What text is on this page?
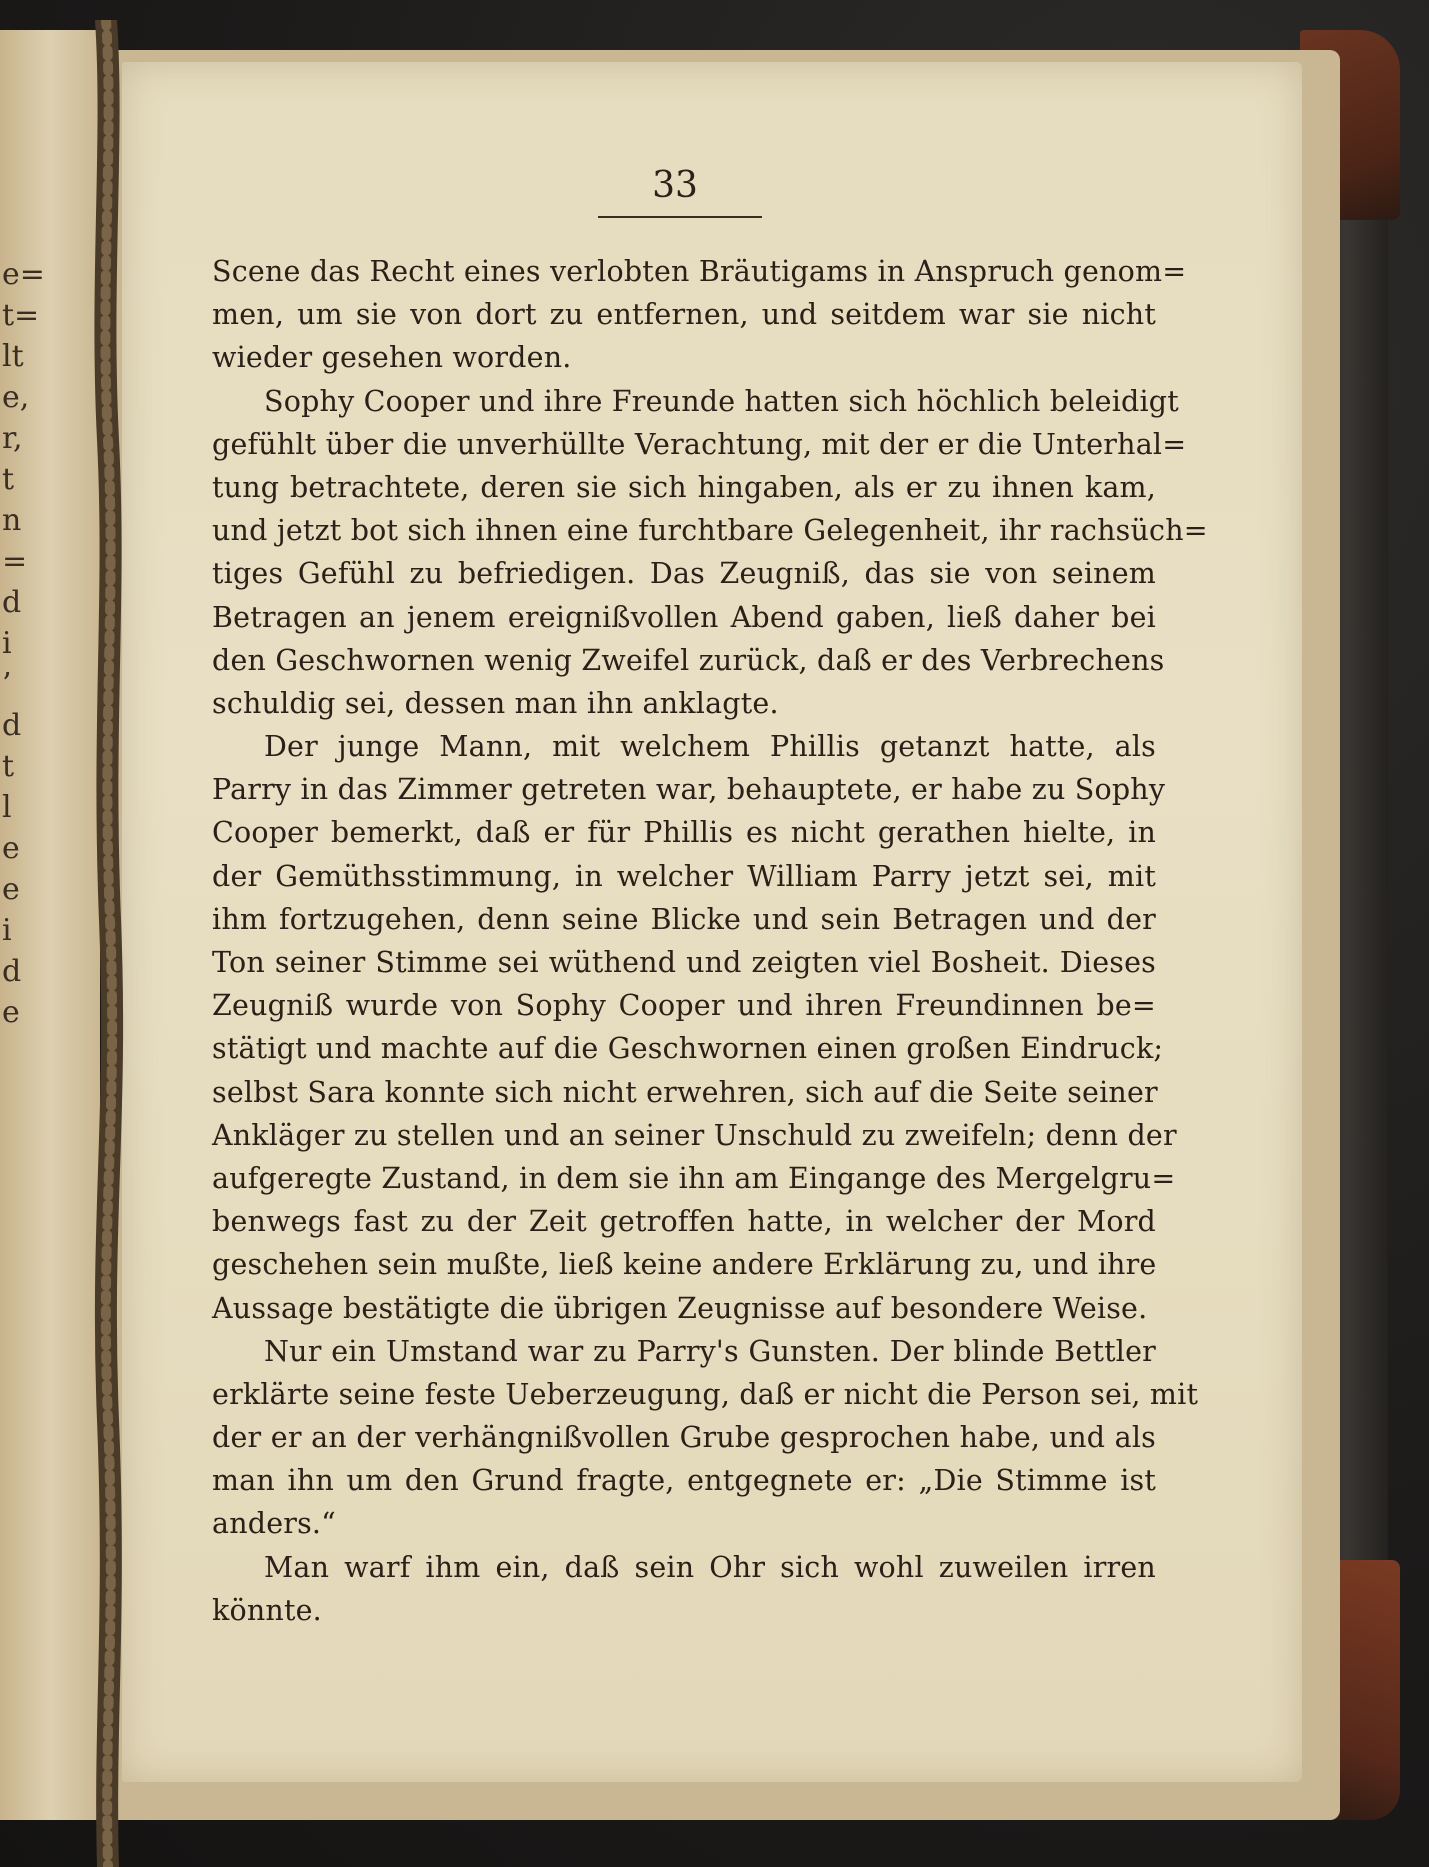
e=
t=
lt
e,
r,
t
n
=
d
i
’
d
t
l
e
e
i
d
e
33
Scene das Recht eines verlobten Bräutigams in Anspruch genom=
men, um sie von dort zu entfernen, und seitdem war sie nicht
wieder gesehen worden.
Sophy Cooper und ihre Freunde hatten sich höchlich beleidigt
gefühlt über die unverhüllte Verachtung, mit der er die Unterhal=
tung betrachtete, deren sie sich hingaben, als er zu ihnen kam,
und jetzt bot sich ihnen eine furchtbare Gelegenheit, ihr rachsüch=
tiges Gefühl zu befriedigen. Das Zeugniß, das sie von seinem
Betragen an jenem ereignißvollen Abend gaben, ließ daher bei
den Geschwornen wenig Zweifel zurück, daß er des Verbrechens
schuldig sei, dessen man ihn anklagte.
Der junge Mann, mit welchem Phillis getanzt hatte, als
Parry in das Zimmer getreten war, behauptete, er habe zu Sophy
Cooper bemerkt, daß er für Phillis es nicht gerathen hielte, in
der Gemüthsstimmung, in welcher William Parry jetzt sei, mit
ihm fortzugehen, denn seine Blicke und sein Betragen und der
Ton seiner Stimme sei wüthend und zeigten viel Bosheit. Dieses
Zeugniß wurde von Sophy Cooper und ihren Freundinnen be=
stätigt und machte auf die Geschwornen einen großen Eindruck;
selbst Sara konnte sich nicht erwehren, sich auf die Seite seiner
Ankläger zu stellen und an seiner Unschuld zu zweifeln; denn der
aufgeregte Zustand, in dem sie ihn am Eingange des Mergelgru=
benwegs fast zu der Zeit getroffen hatte, in welcher der Mord
geschehen sein mußte, ließ keine andere Erklärung zu, und ihre
Aussage bestätigte die übrigen Zeugnisse auf besondere Weise.
Nur ein Umstand war zu Parry's Gunsten. Der blinde Bettler
erklärte seine feste Ueberzeugung, daß er nicht die Person sei, mit
der er an der verhängnißvollen Grube gesprochen habe, und als
man ihn um den Grund fragte, entgegnete er: „Die Stimme ist
anders.“
Man warf ihm ein, daß sein Ohr sich wohl zuweilen irren
könnte.
